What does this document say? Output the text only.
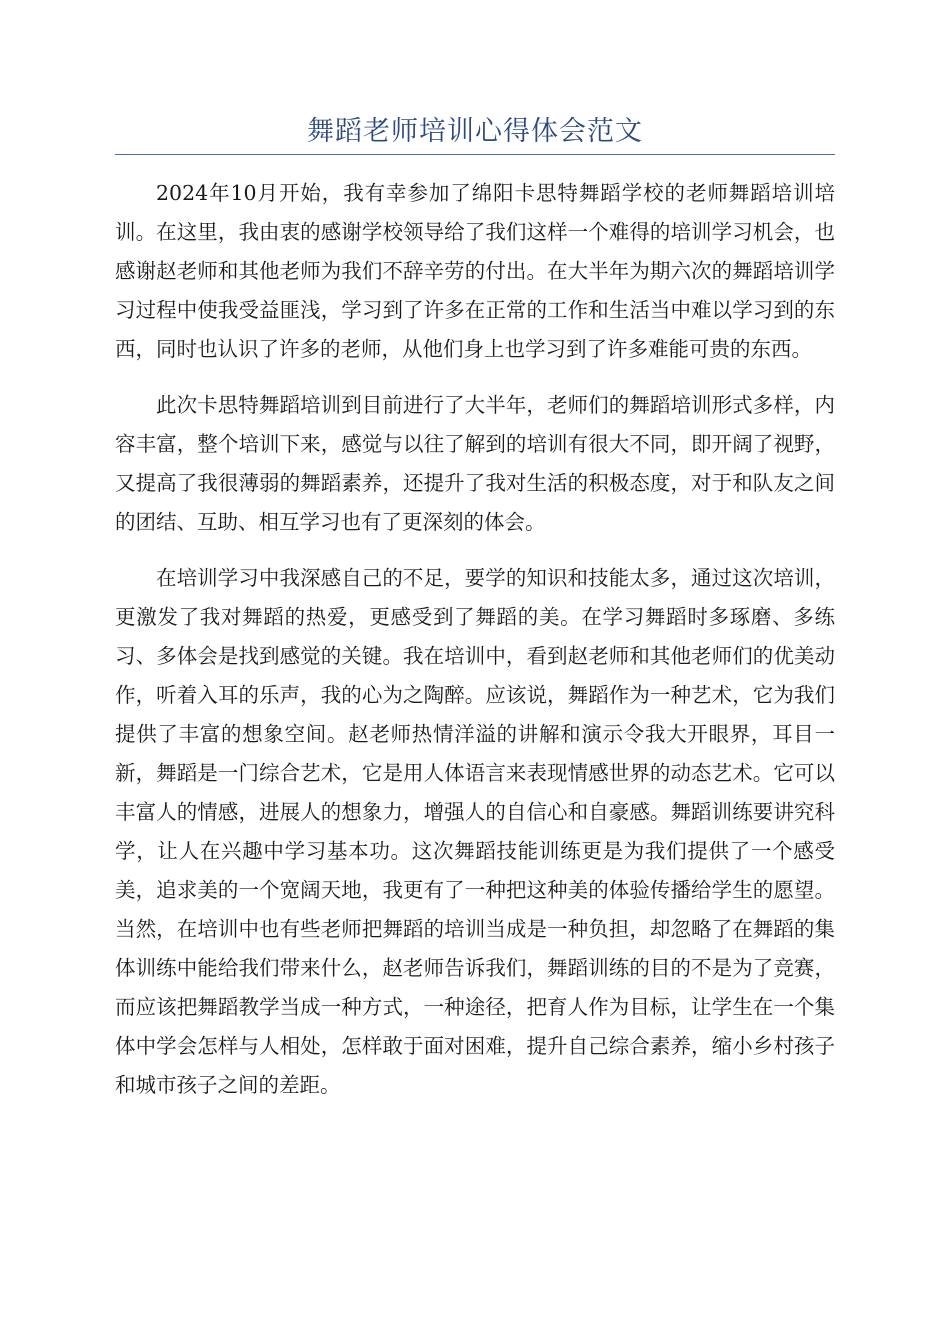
舞蹈老师培训心得体会范文

2024年10月开始，我有幸参加了绵阳卡思特舞蹈学校的老师舞蹈培训培训。在这里，我由衷的感谢学校领导给了我们这样一个难得的培训学习机会，也感谢赵老师和其他老师为我们不辞辛劳的付出。在大半年为期六次的舞蹈培训学习过程中使我受益匪浅，学习到了许多在正常的工作和生活当中难以学习到的东西，同时也认识了许多的老师，从他们身上也学习到了许多难能可贵的东西。

此次卡思特舞蹈培训到目前进行了大半年，老师们的舞蹈培训形式多样，内容丰富，整个培训下来，感觉与以往了解到的培训有很大不同，即开阔了视野，又提高了我很薄弱的舞蹈素养，还提升了我对生活的积极态度，对于和队友之间的团结、互助、相互学习也有了更深刻的体会。

在培训学习中我深感自己的不足，要学的知识和技能太多，通过这次培训，更激发了我对舞蹈的热爱，更感受到了舞蹈的美。在学习舞蹈时多琢磨、多练习、多体会是找到感觉的关键。我在培训中，看到赵老师和其他老师们的优美动作，听着入耳的乐声，我的心为之陶醉。应该说，舞蹈作为一种艺术，它为我们提供了丰富的想象空间。赵老师热情洋溢的讲解和演示令我大开眼界，耳目一新，舞蹈是一门综合艺术，它是用人体语言来表现情感世界的动态艺术。它可以丰富人的情感，进展人的想象力，增强人的自信心和自豪感。舞蹈训练要讲究科学，让人在兴趣中学习基本功。这次舞蹈技能训练更是为我们提供了一个感受美，追求美的一个宽阔天地，我更有了一种把这种美的体验传播给学生的愿望。当然，在培训中也有些老师把舞蹈的培训当成是一种负担，却忽略了在舞蹈的集体训练中能给我们带来什么，赵老师告诉我们，舞蹈训练的目的不是为了竞赛，而应该把舞蹈教学当成一种方式，一种途径，把育人作为目标，让学生在一个集体中学会怎样与人相处，怎样敢于面对困难，提升自己综合素养，缩小乡村孩子和城市孩子之间的差距。
